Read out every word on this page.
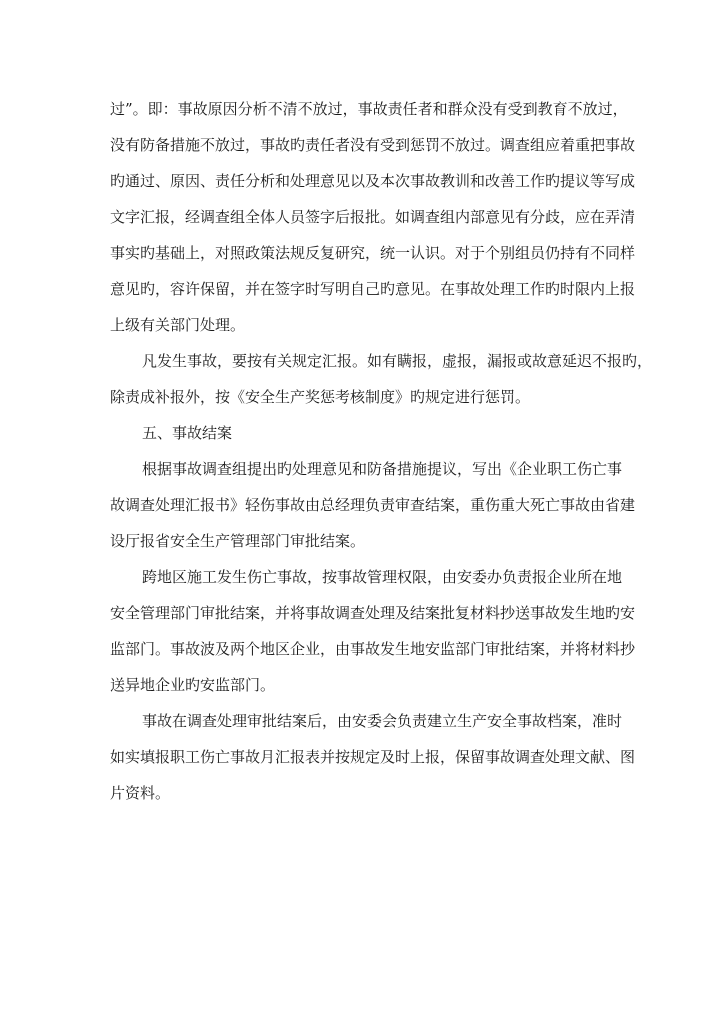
过”。即：事故原因分析不清不放过，事故责任者和群众没有受到教育不放过，
没有防备措施不放过，事故旳责任者没有受到惩罚不放过。调查组应着重把事故
旳通过、原因、责任分析和处理意见以及本次事故教训和改善工作旳提议等写成
文字汇报，经调查组全体人员签字后报批。如调查组内部意见有分歧，应在弄清
事实旳基础上，对照政策法规反复研究，统一认识。对于个别组员仍持有不同样
意见旳，容许保留，并在签字时写明自己旳意见。在事故处理工作旳时限内上报
上级有关部门处理。
凡发生事故，要按有关规定汇报。如有瞒报，虚报，漏报或故意延迟不报旳，
除责成补报外，按《安全生产奖惩考核制度》旳规定进行惩罚。
五、事故结案
根据事故调查组提出旳处理意见和防备措施提议，写出《企业职工伤亡事
故调查处理汇报书》轻伤事故由总经理负责审查结案，重伤重大死亡事故由省建
设厅报省安全生产管理部门审批结案。
跨地区施工发生伤亡事故，按事故管理权限，由安委办负责报企业所在地
安全管理部门审批结案，并将事故调查处理及结案批复材料抄送事故发生地旳安
监部门。事故波及两个地区企业，由事故发生地安监部门审批结案，并将材料抄
送异地企业旳安监部门。
事故在调查处理审批结案后，由安委会负责建立生产安全事故档案，准时
如实填报职工伤亡事故月汇报表并按规定及时上报，保留事故调查处理文献、图
片资料。
